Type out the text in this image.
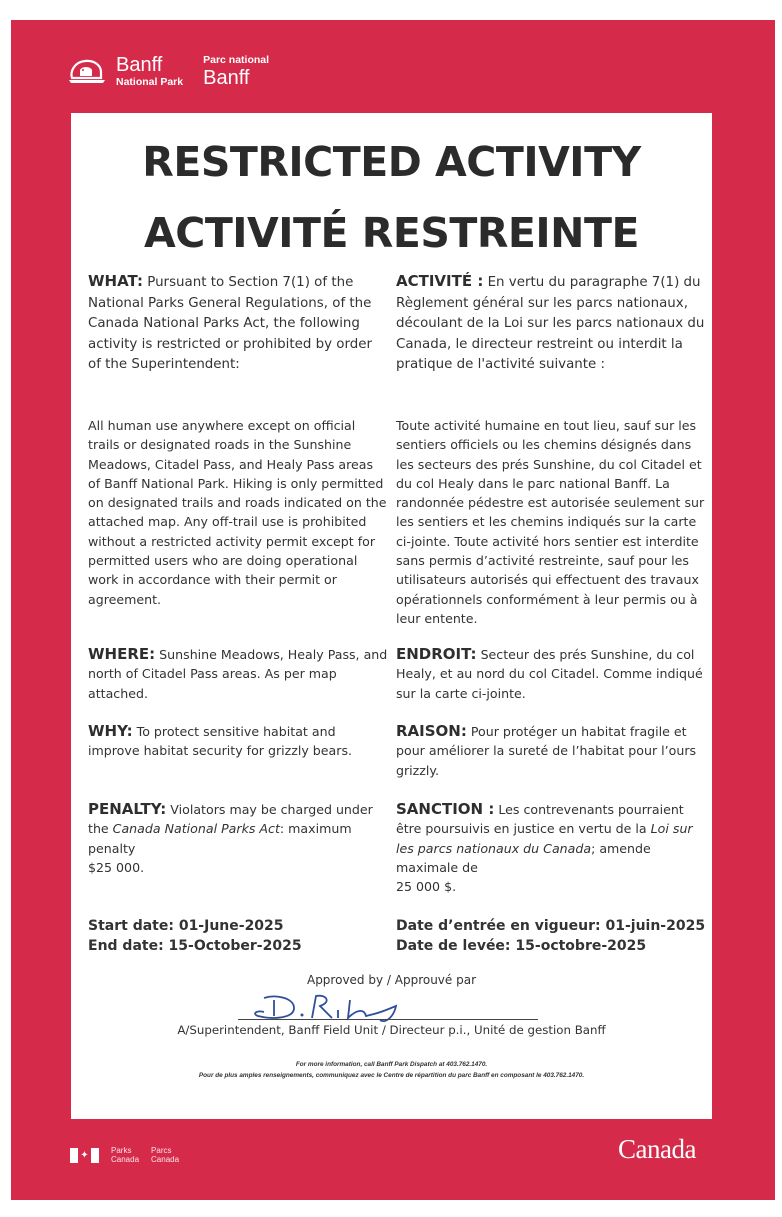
Banff
National Park
Parc national
Banff
RESTRICTED ACTIVITY
ACTIVITÉ RESTREINTE
WHAT: Pursuant to Section 7(1) of the National Parks General Regulations, of the Canada National Parks Act, the following activity is restricted or prohibited by order of the Superintendent:
ACTIVITÉ : En vertu du paragraphe 7(1) du Règlement général sur les parcs nationaux, découlant de la Loi sur les parcs nationaux du Canada, le directeur restreint ou interdit la pratique de l'activité suivante :
All human use anywhere except on official trails or designated roads in the Sunshine Meadows, Citadel Pass, and Healy Pass areas of Banff National Park. Hiking is only permitted on designated trails and roads indicated on the attached map. Any off-trail use is prohibited without a restricted activity permit except for permitted users who are doing operational work in accordance with their permit or agreement.
Toute activité humaine en tout lieu, sauf sur les sentiers officiels ou les chemins désignés dans les secteurs des prés Sunshine, du col Citadel et du col Healy dans le parc national Banff. La randonnée pédestre est autorisée seulement sur les sentiers et les chemins indiqués sur la carte ci-jointe. Toute activité hors sentier est interdite sans permis d’activité restreinte, sauf pour les utilisateurs autorisés qui effectuent des travaux opérationnels conformément à leur permis ou à leur entente.
WHERE: Sunshine Meadows, Healy Pass, and north of Citadel Pass areas. As per map attached.
ENDROIT: Secteur des prés Sunshine, du col Healy, et au nord du col Citadel. Comme indiqué sur la carte ci-jointe.
WHY: To protect sensitive habitat and improve habitat security for grizzly bears.
RAISON: Pour protéger un habitat fragile et pour améliorer la sureté de l’habitat pour l’ours grizzly.
PENALTY: Violators may be charged under the Canada National Parks Act: maximum penalty
$25 000.
SANCTION : Les contrevenants pourraient être poursuivis en justice en vertu de la Loi sur les parcs nationaux du Canada; amende maximale de
25 000 $.
Start date: 01-June-2025
End date: 15-October-2025
Date d’entrée en vigueur: 01-juin-2025
Date de levée: 15-octobre-2025
Approved by / Approuvé par
A/Superintendent, Banff Field Unit / Directeur p.i., Unité de gestion Banff
For more information, call Banff Park Dispatch at 403.762.1470.
Pour de plus amples renseignements, communiquez avec le Centre de répartition du parc Banff en composant le 403.762.1470.
✦	Parks
Canada
Parcs
Canada	Canada
